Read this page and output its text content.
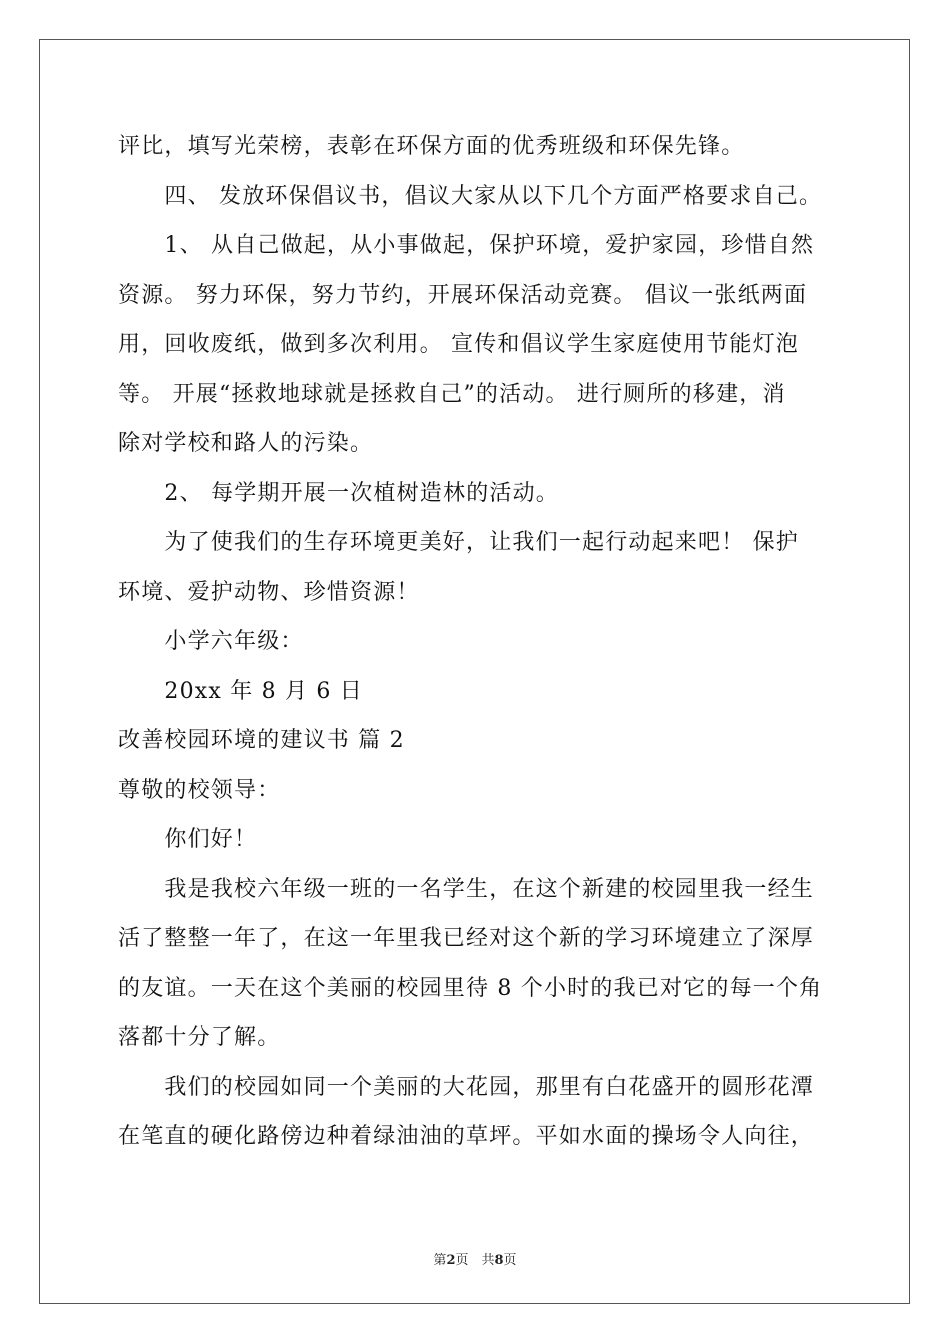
评比，填写光荣榜，表彰在环保方面的优秀班级和环保先锋。

　　四、 发放环保倡议书，倡议大家从以下几个方面严格要求自己。

　　1、 从自己做起，从小事做起，保护环境，爱护家园，珍惜自然
资源。 努力环保，努力节约，开展环保活动竞赛。 倡议一张纸两面
用，回收废纸，做到多次利用。 宣传和倡议学生家庭使用节能灯泡
等。 开展“拯救地球就是拯救自己”的活动。 进行厕所的移建，消
除对学校和路人的污染。

　　2、 每学期开展一次植树造林的活动。

　　为了使我们的生存环境更美好，让我们一起行动起来吧！ 保护
环境、爱护动物、珍惜资源！

　　小学六年级：

　　20xx 年 8 月 6 日

改善校园环境的建议书 篇 2

尊敬的校领导：

　　你们好！

　　我是我校六年级一班的一名学生，在这个新建的校园里我一经生
活了整整一年了，在这一年里我已经对这个新的学习环境建立了深厚
的友谊。一天在这个美丽的校园里待 8 个小时的我已对它的每一个角
落都十分了解。

　　我们的校园如同一个美丽的大花园，那里有白花盛开的圆形花潭
在笔直的硬化路傍边种着绿油油的草坪。平如水面的操场令人向往，

第2页　共8页
